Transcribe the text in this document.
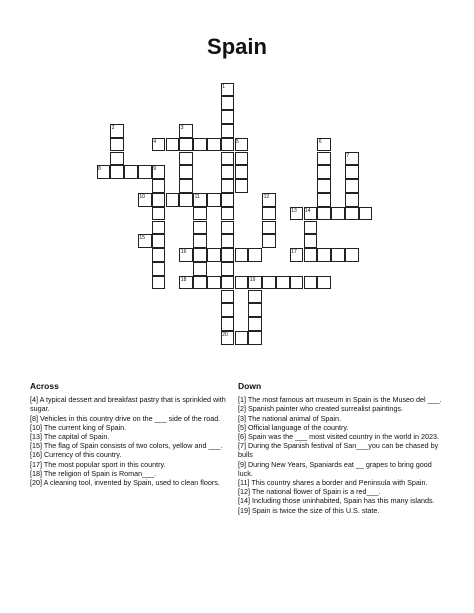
Spain
1
2	3
4	5	6
7
8	9
10	11	12
13 14
15
16	17
18	19
20
Across

[4] A typical dessert and breakfast pastry that is sprinkled with sugar.

[8] Vehicles in this country drive on the ___ side of the road.

[10] The current king of Spain.

[13] The capital of Spain.

[15] The flag of Spain consists of two colors, yellow and ___.

[16] Currency of this country.

[17] The most popular sport in this country.

[18] The religion of Spain is Roman___.

[20] A cleaning tool, invented by Spain, used to clean floors.

Down

[1] The most famous art museum in Spain is the Museo del ___.

[2] Spanish painter who created surrealist paintings.

[3] The national animal of Spain.

[5] Official language of the country.

[6] Spain was the ___ most visited country in the world in 2023.

[7] During the Spanish festival of San___you can be chased by bulls

[9] During New Years, Spaniards eat __ grapes to bring good luck.

[11] This country shares a border and Peninsula with Spain.

[12] The national flower of Spain is a red___.

[14] Including those uninhabited, Spain has this many islands.

[19] Spain is twice the size of this U.S. state.
